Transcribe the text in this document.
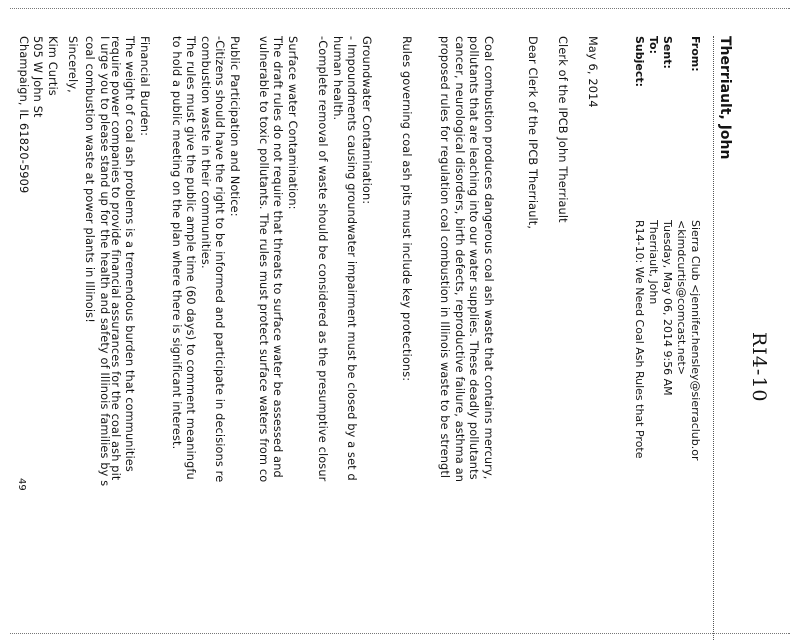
RI4-10
Therriault, John
From:
Sierra Club <jennifer.hensley@sierraclub.or
<kimdcurtis@comcast.net>
Sent:
Tuesday, May 06, 2014 9:56 AM
To:
Therriault, John
Subject:
R14-10: We Need Coal Ash Rules that Prote
May 6, 2014
Clerk of the IPCB John Therriault
Dear Clerk of the IPCB Therriault,
Coal combustion produces dangerous coal ash waste that contains mercury,
pollutants that are leaching into our water supplies. These deadly pollutants
cancer, neurological disorders, birth defects, reproductive failure, asthma an
proposed rules for regulation coal combustion in Illinois waste to be strengtl
Rules governing coal ash pits must include key protections:
Groundwater Contamination:
- Impoundments causing groundwater impairment must be closed by a set d
human health.
-Complete removal of waste should be considered as the presumptive closur
Surface water Contamination:
The draft rules do not require that threats to surface water be assessed and
vulnerable to toxic pollutants. The rules must protect surface waters from co
Public Participation and Notice:
-Citizens should have the right to be informed and participate in decisions re
combustion waste in their communities.
The rules must give the public ample time (60 days) to comment meaningfu
to hold a public meeting on the plan where there is significant interest.
Financial Burden:
The weight of coal ash problems is a tremendous burden that communities
require power companies to provide financial assurances for the coal ash pit
I urge you to please stand up for the health and safety of Illinois families by s
coal combustion waste at power plants in Illinois!
Sincerely,
Kim Curtis
505 W John St
Champaign, IL 61820-5909
49
